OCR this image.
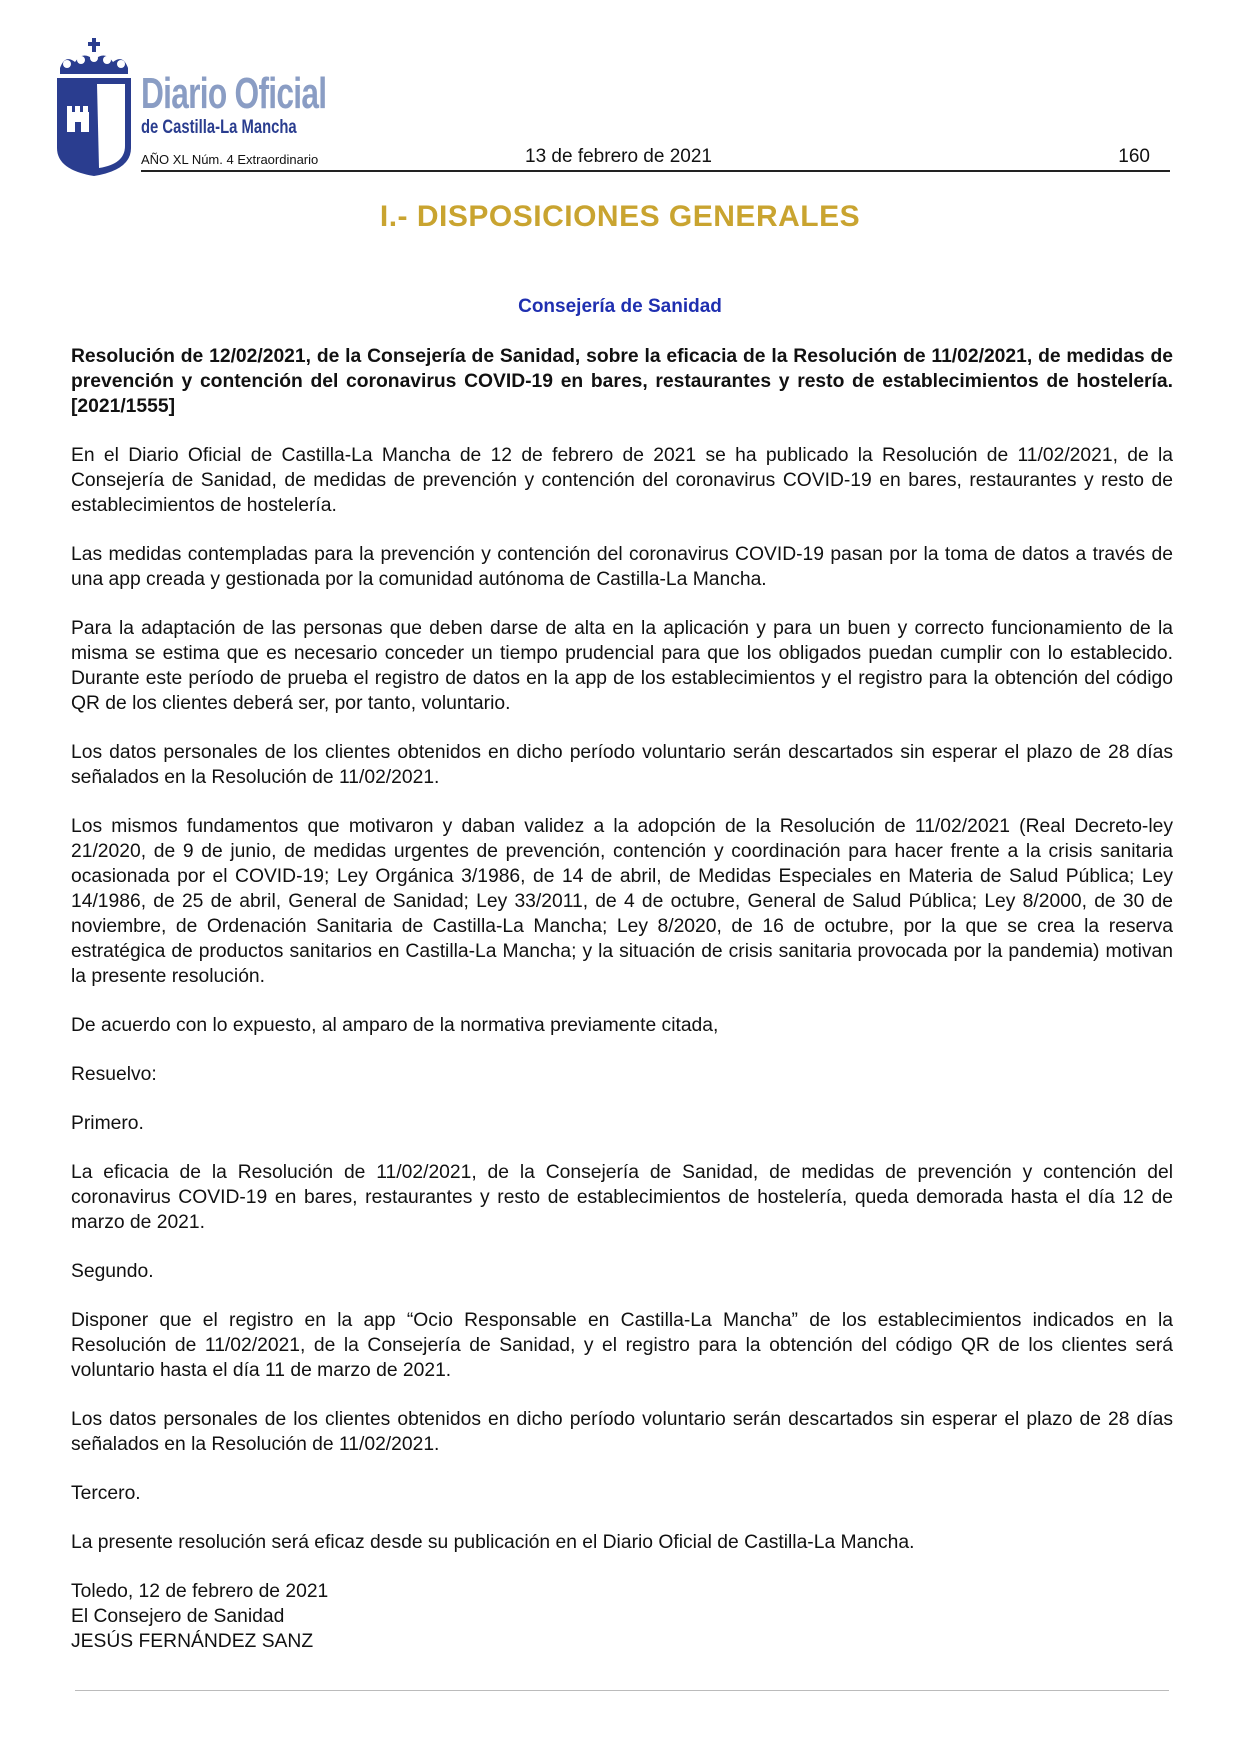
Diario Oficial
de Castilla-La Mancha
AÑO XL Núm. 4 Extraordinario	13 de febrero de 2021	160
I.- DISPOSICIONES GENERALES
Consejería de Sanidad

Resolución de 12/02/2021, de la Consejería de Sanidad, sobre la eficacia de la Resolución de 11/02/2021, de medidas de prevención y contención del coronavirus COVID-19 en bares, restaurantes y resto de establecimientos de hostelería. [2021/1555]

En el Diario Oficial de Castilla-La Mancha de 12 de febrero de 2021 se ha publicado la Resolución de 11/02/2021, de la Consejería de Sanidad, de medidas de prevención y contención del coronavirus COVID-19 en bares, restaurantes y resto de establecimientos de hostelería.

Las medidas contempladas para la prevención y contención del coronavirus COVID-19 pasan por la toma de datos a través de una app creada y gestionada por la comunidad autónoma de Castilla-La Mancha.

Para la adaptación de las personas que deben darse de alta en la aplicación y para un buen y correcto funcionamiento de la misma se estima que es necesario conceder un tiempo prudencial para que los obligados puedan cumplir con lo establecido. Durante este período de prueba el registro de datos en la app de los establecimientos y el registro para la obtención del código QR de los clientes deberá ser, por tanto, voluntario.

Los datos personales de los clientes obtenidos en dicho período voluntario serán descartados sin esperar el plazo de 28 días señalados en la Resolución de 11/02/2021.

Los mismos fundamentos que motivaron y daban validez a la adopción de la Resolución de 11/02/2021 (Real Decreto-ley 21/2020, de 9 de junio, de medidas urgentes de prevención, contención y coordinación para hacer frente a la crisis sanitaria ocasionada por el COVID-19; Ley Orgánica 3/1986, de 14 de abril, de Medidas Especiales en Materia de Salud Pública; Ley 14/1986, de 25 de abril, General de Sanidad; Ley 33/2011, de 4 de octubre, General de Salud Pública; Ley 8/2000, de 30 de noviembre, de Ordenación Sanitaria de Castilla-La Mancha; Ley 8/2020, de 16 de octubre, por la que se crea la reserva estratégica de productos sanitarios en Castilla-La Mancha; y la situación de crisis sanitaria provocada por la pandemia) motivan la presente resolución.

De acuerdo con lo expuesto, al amparo de la normativa previamente citada,

Resuelvo:

Primero.

La eficacia de la Resolución de 11/02/2021, de la Consejería de Sanidad, de medidas de prevención y contención del coronavirus COVID-19 en bares, restaurantes y resto de establecimientos de hostelería, queda demorada hasta el día 12 de marzo de 2021.

Segundo.

Disponer que el registro en la app “Ocio Responsable en Castilla-La Mancha” de los establecimientos indicados en la Resolución de 11/02/2021, de la Consejería de Sanidad, y el registro para la obtención del código QR de los clientes será voluntario hasta el día 11 de marzo de 2021.

Los datos personales de los clientes obtenidos en dicho período voluntario serán descartados sin esperar el plazo de 28 días señalados en la Resolución de 11/02/2021.

Tercero.

La presente resolución será eficaz desde su publicación en el Diario Oficial de Castilla-La Mancha.

Toledo, 12 de febrero de 2021

El Consejero de Sanidad

JESÚS FERNÁNDEZ SANZ
